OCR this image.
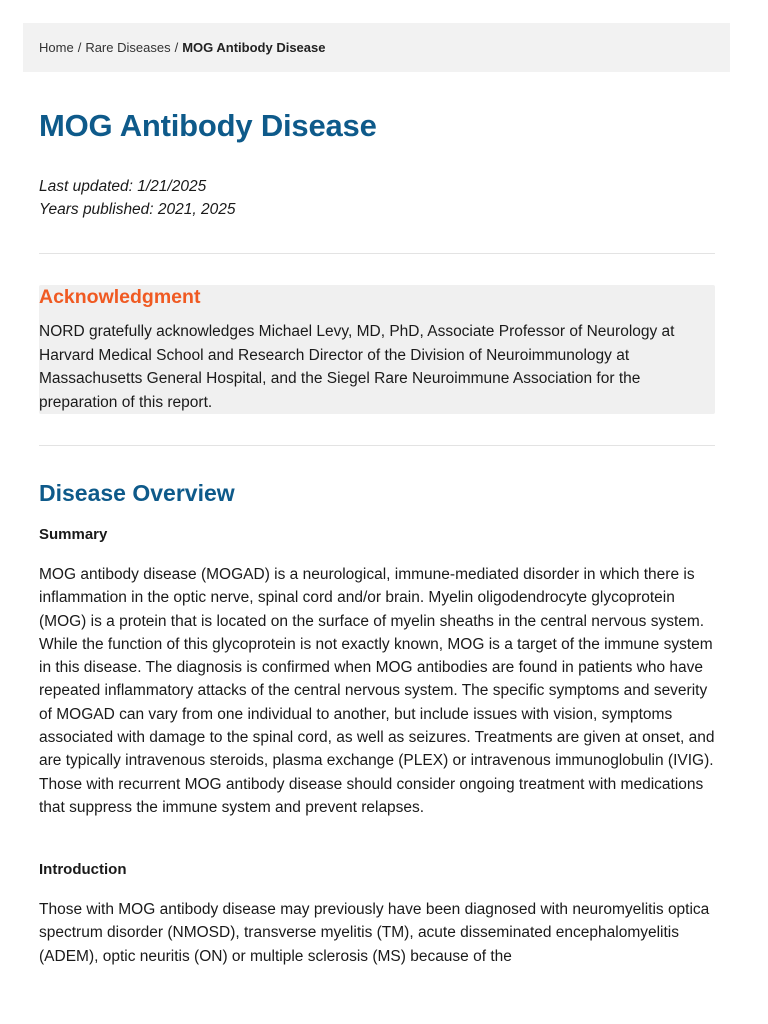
Home / Rare Diseases / MOG Antibody Disease
MOG Antibody Disease
Last updated: 1/21/2025
Years published: 2021, 2025
Acknowledgment

NORD gratefully acknowledges Michael Levy, MD, PhD, Associate Professor of Neurology at Harvard Medical School and Research Director of the Division of Neuroimmunology at Massachusetts General Hospital, and the Siegel Rare Neuroimmune Association for the preparation of this report.

Disease Overview
Summary

MOG antibody disease (MOGAD) is a neurological, immune-mediated disorder in which there is inflammation in the optic nerve, spinal cord and/or brain. Myelin oligodendrocyte glycoprotein (MOG) is a protein that is located on the surface of myelin sheaths in the central nervous system. While the function of this glycoprotein is not exactly known, MOG is a target of the immune system in this disease. The diagnosis is confirmed when MOG antibodies are found in patients who have repeated inflammatory attacks of the central nervous system. The specific symptoms and severity of MOGAD can vary from one individual to another, but include issues with vision, symptoms associated with damage to the spinal cord, as well as seizures. Treatments are given at onset, and are typically intravenous steroids, plasma exchange (PLEX) or intravenous immunoglobulin (IVIG). Those with recurrent MOG antibody disease should consider ongoing treatment with medications that suppress the immune system and prevent relapses.

Introduction

Those with MOG antibody disease may previously have been diagnosed with neuromyelitis optica spectrum disorder (NMOSD), transverse myelitis (TM), acute disseminated encephalomyelitis (ADEM), optic neuritis (ON) or multiple sclerosis (MS) because of the
